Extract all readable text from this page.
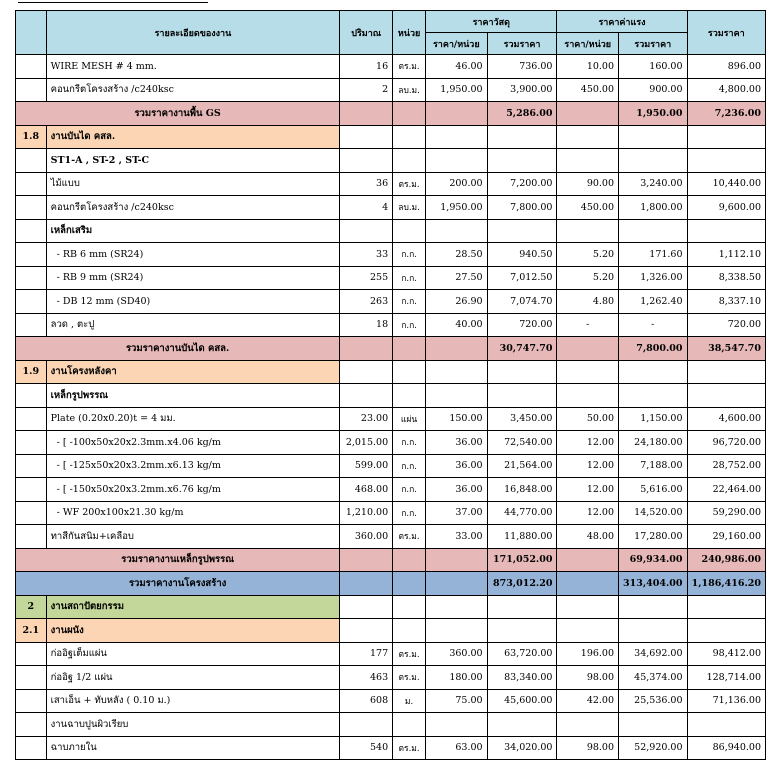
	รายละเอียดของงาน	ปริมาณ	หน่วย	ราคาวัสดุ		ราคาค่าแรง		รวมราคา
				ราคา/หน่วย	รวมราคา	ราคา/หน่วย	รวมราคา	
	WIRE MESH # 4 mm.	16	ตร.ม.	46.00	736.00	10.00	160.00	896.00
	คอนกรีตโครงสร้าง /c240ksc	2	ลบ.ม.	1,950.00	3,900.00	450.00	900.00	4,800.00
รวมราคางานพื้น GS					5,286.00		1,950.00	7,236.00
1.8	งานบันได คสล.							
	ST1-A , ST-2 , ST-C							
	ไม้แบบ	36	ตร.ม.	200.00	7,200.00	90.00	3,240.00	10,440.00
	คอนกรีตโครงสร้าง /c240ksc	4	ลบ.ม.	1,950.00	7,800.00	450.00	1,800.00	9,600.00
	เหล็กเสริม							
	- RB 6 mm (SR24)	33	ก.ก.	28.50	940.50	5.20	171.60	1,112.10
	- RB 9 mm (SR24)	255	ก.ก.	27.50	7,012.50	5.20	1,326.00	8,338.50
	- DB 12 mm (SD40)	263	ก.ก.	26.90	7,074.70	4.80	1,262.40	8,337.10
	ลวด , ตะปู	18	ก.ก.	40.00	720.00	-	-	720.00
รวมราคางานบันได คสล.					30,747.70		7,800.00	38,547.70
1.9	งานโครงหลังคา							
	เหล็กรูปพรรณ							
	Plate (0.20x0.20)t = 4 มม.	23.00	แผ่น	150.00	3,450.00	50.00	1,150.00	4,600.00
	- [ -100x50x20x2.3mm.x4.06 kg/m	2,015.00	ก.ก.	36.00	72,540.00	12.00	24,180.00	96,720.00
	- [ -125x50x20x3.2mm.x6.13 kg/m	599.00	ก.ก.	36.00	21,564.00	12.00	7,188.00	28,752.00
	- [ -150x50x20x3.2mm.x6.76 kg/m	468.00	ก.ก.	36.00	16,848.00	12.00	5,616.00	22,464.00
	- WF 200x100x21.30 kg/m	1,210.00	ก.ก.	37.00	44,770.00	12.00	14,520.00	59,290.00
	ทาสีกันสนิม+เคลือบ	360.00	ตร.ม.	33.00	11,880.00	48.00	17,280.00	29,160.00
รวมราคางานเหล็กรูปพรรณ					171,052.00		69,934.00	240,986.00
รวมราคางานโครงสร้าง					873,012.20		313,404.00	1,186,416.20
2	งานสถาปัตยกรรม							
2.1	งานผนัง							
	ก่ออิฐเต็มแผ่น	177	ตร.ม.	360.00	63,720.00	196.00	34,692.00	98,412.00
	ก่ออิฐ 1/2 แผ่น	463	ตร.ม.	180.00	83,340.00	98.00	45,374.00	128,714.00
	เสาเอ็น + ทับหลัง ( 0.10 ม.)	608	ม.	75.00	45,600.00	42.00	25,536.00	71,136.00
	งานฉาบปูนผิวเรียบ							
	ฉาบภายใน	540	ตร.ม.	63.00	34,020.00	98.00	52,920.00	86,940.00
